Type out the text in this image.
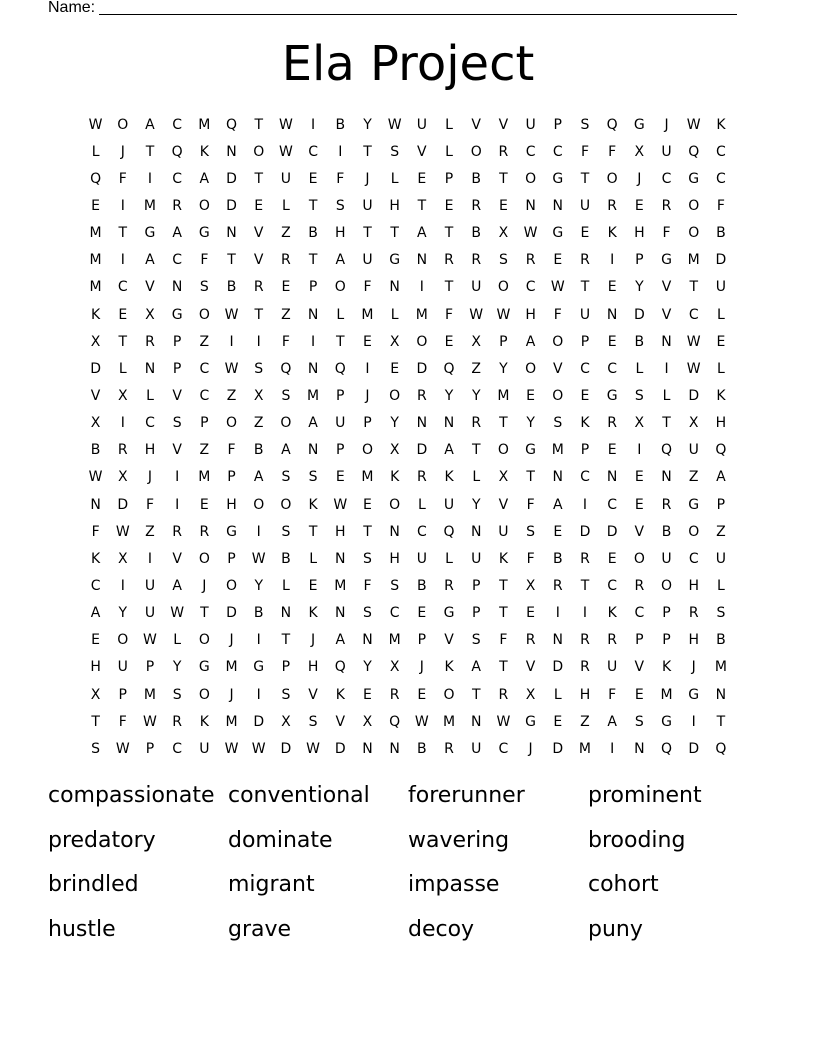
Name:
Ela Project
W	O	A	C	M	Q	T	W	I	B	Y	W	U	L	V	V	U	P	S	Q	G	J	W	K
L	J	T	Q	K	N	O	W	C	I	T	S	V	L	O	R	C	C	F	F	X	U	Q	C
Q	F	I	C	A	D	T	U	E	F	J	L	E	P	B	T	O	G	T	O	J	C	G	C
E	I	M	R	O	D	E	L	T	S	U	H	T	E	R	E	N	N	U	R	E	R	O	F
M	T	G	A	G	N	V	Z	B	H	T	T	A	T	B	X	W	G	E	K	H	F	O	B
M	I	A	C	F	T	V	R	T	A	U	G	N	R	R	S	R	E	R	I	P	G	M	D
M	C	V	N	S	B	R	E	P	O	F	N	I	T	U	O	C	W	T	E	Y	V	T	U
K	E	X	G	O	W	T	Z	N	L	M	L	M	F	W W	H	F	U	N	D	V	C	L
X	T	R	P	Z	I	I	F	I	T	E	X	O	E	X	P	A	O	P	E	B	N	W	E
D	L	N	P	C	W	S	Q	N	Q	I	E	D	Q	Z	Y	O	V	C	C	L	I	W	L
V	X	L	V	C	Z	X	S	M	P	J	O	R	Y	Y	M	E	O	E	G	S	L	D	K
X	I	C	S	P	O	Z	O	A	U	P	Y	N	N	R	T	Y	S	K	R	X	T	X	H
B	R	H	V	Z	F	B	A	N	P	O	X	D	A	T	O	G	M	P	E	I	Q	U	Q
W	X	J	I	M	P	A	S	S	E	M	K	R	K	L	X	T	N	C	N	E	N	Z	A
N	D	F	I	E	H	O	O	K	W	E	O	L	U	Y	V	F	A	I	C	E	R	G	P
F	W	Z	R	R	G	I	S	T	H	T	N	C	Q	N	U	S	E	D	D	V	B	O	Z
K	X	I	V	O	P	W	B	L	N	S	H	U	L	U	K	F	B	R	E	O	U	C	U
C	I	U	A	J	O	Y	L	E	M	F	S	B	R	P	T	X	R	T	C	R	O	H	L
A	Y	U	W	T	D	B	N	K	N	S	C	E	G	P	T	E	I	I	K	C	P	R	S
E	O	W	L	O	J	I	T	J	A	N	M	P	V	S	F	R	N	R	R	P	P	H	B
H	U	P	Y	G	M	G	P	H	Q	Y	X	J	K	A	T	V	D	R	U	V	K	J	M
X	P	M	S	O	J	I	S	V	K	E	R	E	O	T	R	X	L	H	F	E	M	G	N
T	F	W	R	K	M	D	X	S	V	X	Q	W	M	N	W	G	E	Z	A	S	G	I	T
S	W	P	C	U	W W	D	W	D	N	N	B	R	U	C	J	D	M	I	N	Q	D	Q
compassionate conventional	forerunner	prominent
predatory	dominate	wavering	brooding
brindled	migrant	impasse	cohort
hustle	grave	decoy	puny
